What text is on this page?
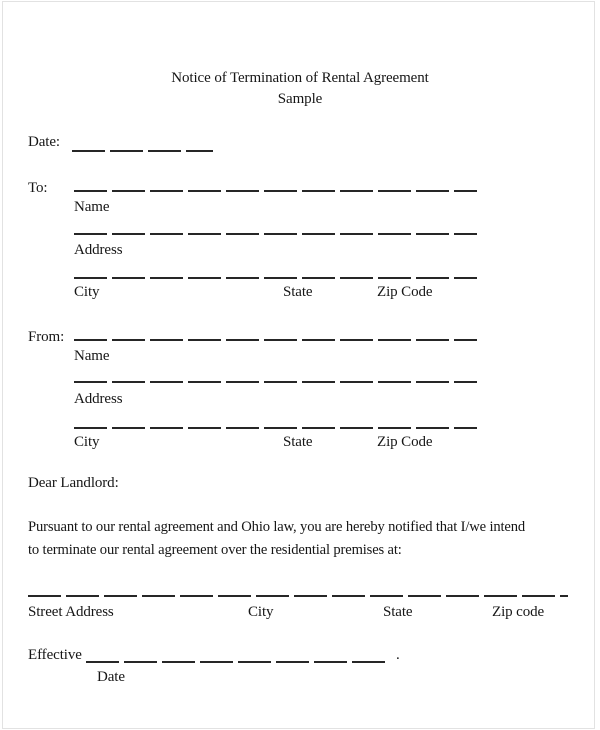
Notice of Termination of Rental Agreement
Sample
Date:
To:
Name
Address
City	State	Zip Code
From:
Name
Address
City	State	Zip Code
Dear Landlord:
Pursuant to our rental agreement and Ohio law, you are hereby notified that I/we intend
to terminate our rental agreement over the residential premises at:
Street Address	City	State	Zip code
Effective	.
Date
